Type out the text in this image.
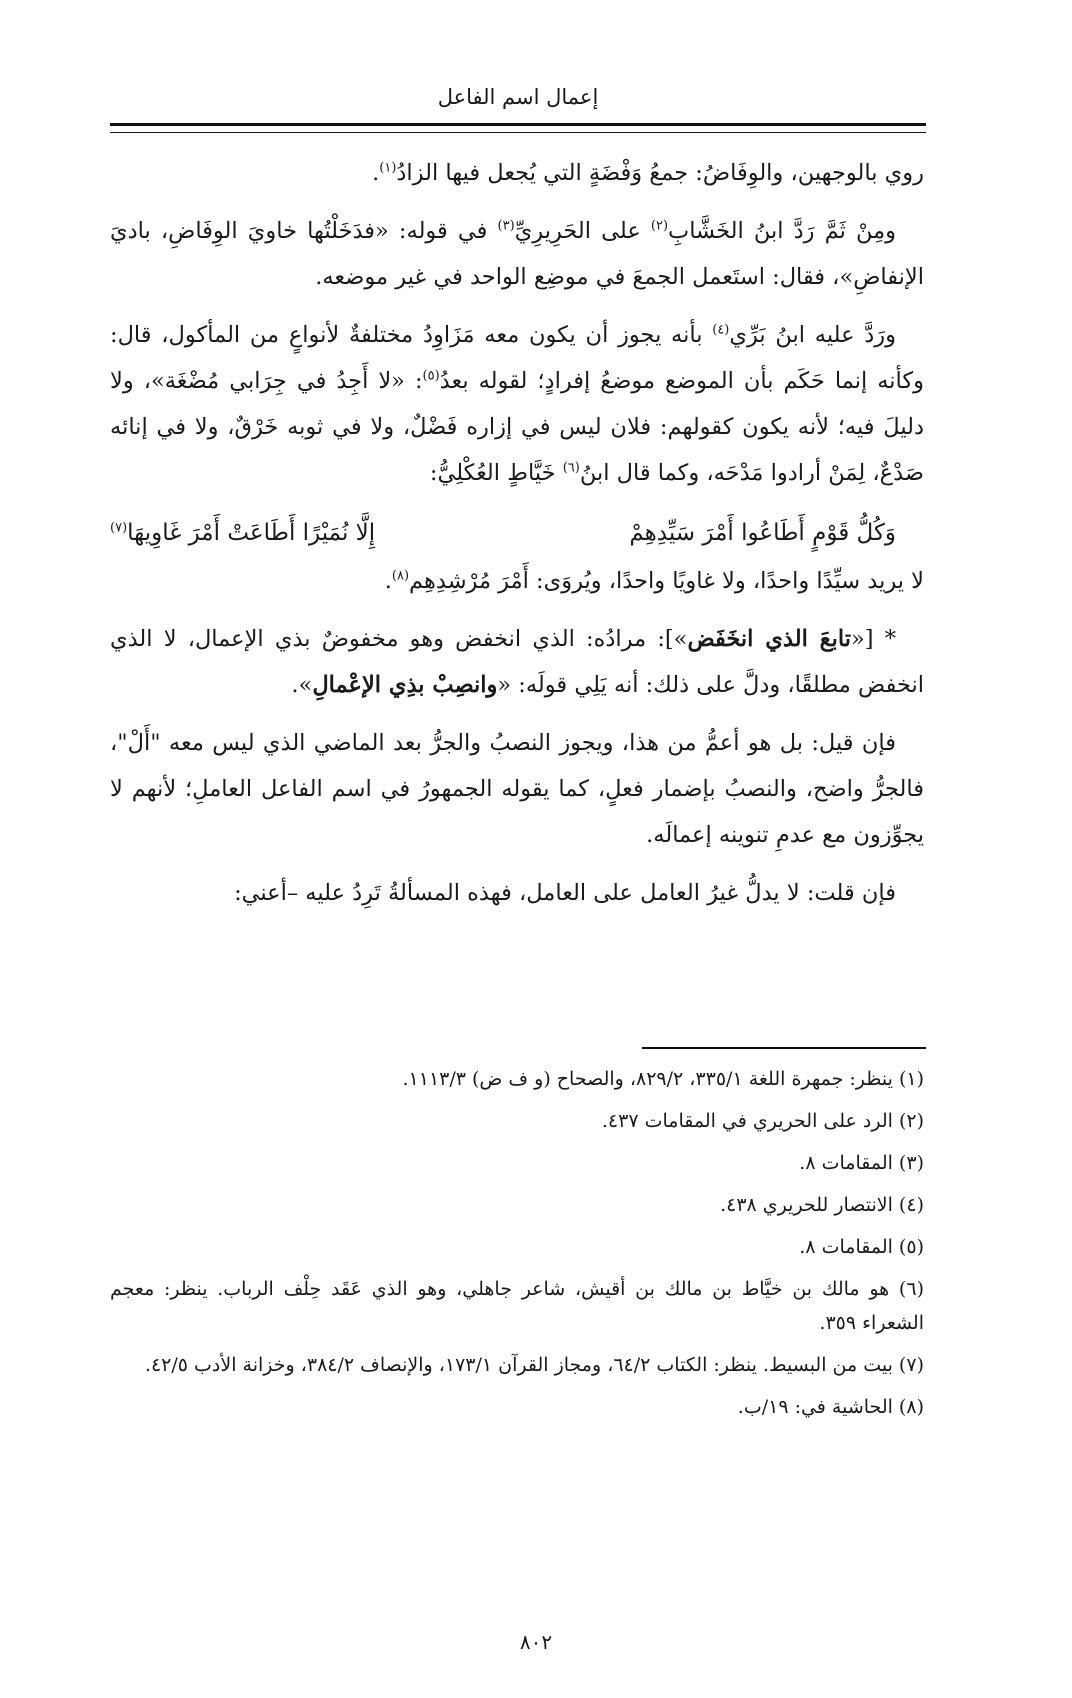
إعمال اسم الفاعل

روي بالوجهين، والوِفَاضُ: جمعُ وَفْضَةٍ التي يُجعل فيها الزادُ$^{(١)}$.

ومِنْ ثَمَّ رَدَّ ابنُ الخَشَّابِ$^{(٢)}$ على الحَرِيرِيِّ$^{(٣)}$ في قوله: «فدَخَلْتُها خاويَ الوِفَاضِ، باديَ الإنفاضِ»، فقال: استَعمل الجمعَ في موضِع الواحد في غير موضعه.

ورَدَّ عليه ابنُ بَرِّي$^{(٤)}$ بأنه يجوز أن يكون معه مَزَاوِدُ مختلفةٌ لأنواعٍ من المأكول، قال: وكأنه إنما حَكَم بأن الموضع موضعُ إفرادٍ؛ لقوله بعدُ$^{(٥)}$: «لا أَجِدُ في جِرَابي مُضْغَة»، ولا دليلَ فيه؛ لأنه يكون كقولهم: فلان ليس في إزاره فَضْلٌ، ولا في ثوبه خَرْقٌ، ولا في إنائه صَدْعٌ، لِمَنْ أرادوا مَدْحَه، وكما قال ابنُ$^{(٦)}$ خَيَّاطٍ العُكْلِيُّ:

وَكُلُّ قَوْمٍ أَطَاعُوا أَمْرَ سَيِّدِهِمْ
إِلَّا نُمَيْرًا أَطَاعَتْ أَمْرَ غَاوِيهَا$^{(٧)}$

لا يريد سيِّدًا واحدًا، ولا غاويًا واحدًا، ويُروَى: أَمْرَ مُرْشِدِهِم$^{(٨)}$.

* [«تابعَ الذي انخَفَض»]: مرادُه: الذي انخفض وهو مخفوضٌ بذي الإعمال، لا الذي انخفض مطلقًا، ودلَّ على ذلك: أنه يَلِي قولَه: «وانصِبْ بذِي الإعْمالِ».

فإن قيل: بل هو أعمُّ من هذا، ويجوز النصبُ والجرُّ بعد الماضي الذي ليس معه "أَلْ"، فالجرُّ واضح، والنصبُ بإضمار فعلٍ، كما يقوله الجمهورُ في اسم الفاعل العاملِ؛ لأنهم لا يجوِّزون مع عدمِ تنوينه إعمالَه.

فإن قلت: لا يدلُّ غيرُ العامل على العامل، فهذه المسألةُ تَرِدُ عليه –أعني:

(١) ينظر: جمهرة اللغة ٣٣٥/١، ٨٢٩/٢، والصحاح (و ف ض) ١١١٣/٣.
(٢) الرد على الحريري في المقامات ٤٣٧.
(٣) المقامات ٨.
(٤) الانتصار للحريري ٤٣٨.
(٥) المقامات ٨.
(٦) هو مالك بن خيَّاط بن مالك بن أقيش، شاعر جاهلي، وهو الذي عَقَد حِلْف الرباب. ينظر: معجم الشعراء ٣٥٩.
(٧) بيت من البسيط. ينظر: الكتاب ٦٤/٢، ومجاز القرآن ١٧٣/١، والإنصاف ٣٨٤/٢، وخزانة الأدب ٤٢/٥.
(٨) الحاشية في: ١٩/ب.
٨٠٢
